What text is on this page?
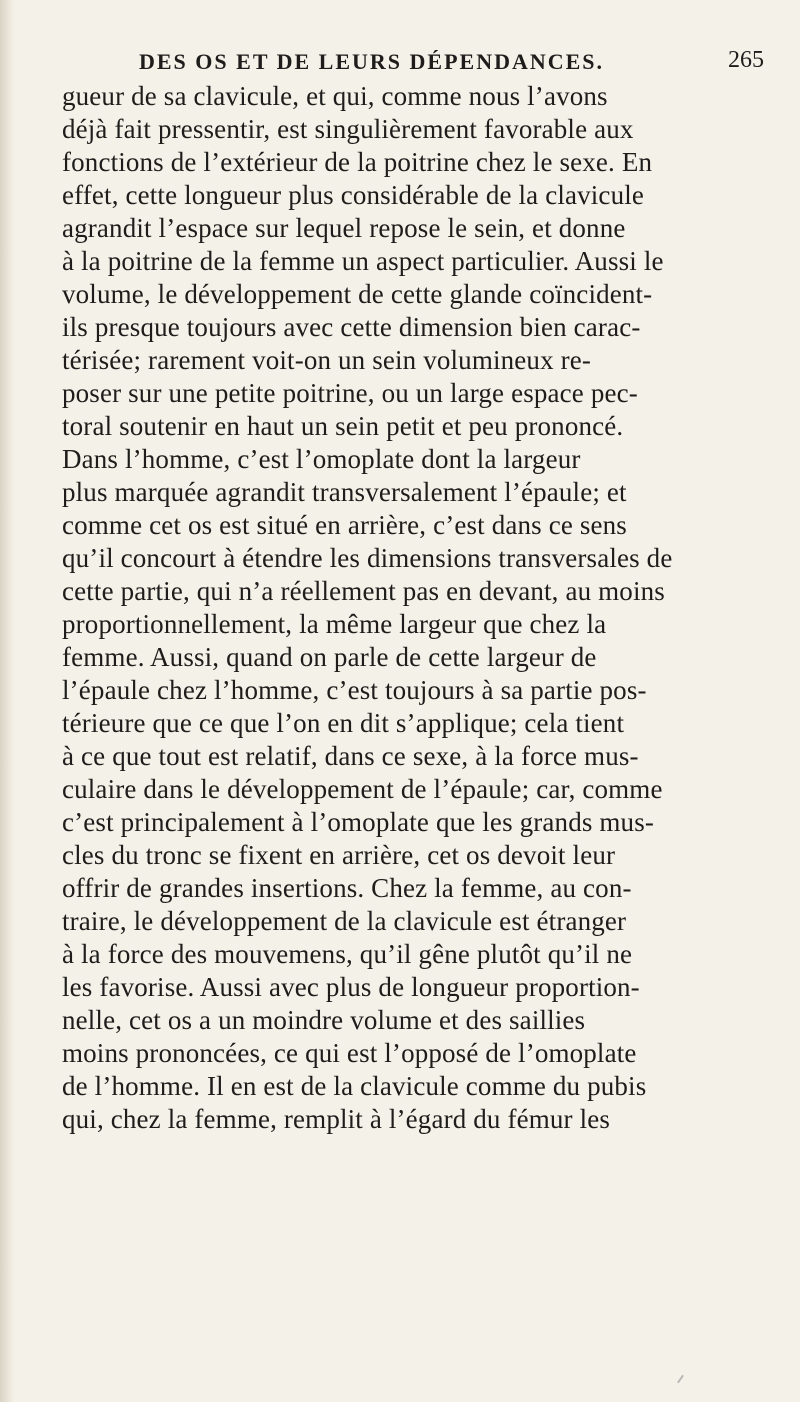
DES OS ET DE LEURS DÉPENDANCES.	265
gueur de sa clavicule, et qui, comme nous l’avons
déjà fait pressentir, est singulièrement favorable aux
fonctions de l’extérieur de la poitrine chez le sexe. En
effet, cette longueur plus considérable de la clavicule
agrandit l’espace sur lequel repose le sein, et donne
à la poitrine de la femme un aspect particulier. Aussi le
volume, le développement de cette glande coïncident-
ils presque toujours avec cette dimension bien carac-
térisée; rarement voit-on un sein volumineux re-
poser sur une petite poitrine, ou un large espace pec-
toral soutenir en haut un sein petit et peu prononcé.
Dans l’homme, c’est l’omoplate dont la largeur
plus marquée agrandit transversalement l’épaule; et
comme cet os est situé en arrière, c’est dans ce sens
qu’il concourt à étendre les dimensions transversales de
cette partie, qui n’a réellement pas en devant, au moins
proportionnellement, la même largeur que chez la
femme. Aussi, quand on parle de cette largeur de
l’épaule chez l’homme, c’est toujours à sa partie pos-
térieure que ce que l’on en dit s’applique; cela tient
à ce que tout est relatif, dans ce sexe, à la force mus-
culaire dans le développement de l’épaule; car, comme
c’est principalement à l’omoplate que les grands mus-
cles du tronc se fixent en arrière, cet os devoit leur
offrir de grandes insertions. Chez la femme, au con-
traire, le développement de la clavicule est étranger
à la force des mouvemens, qu’il gêne plutôt qu’il ne
les favorise. Aussi avec plus de longueur proportion-
nelle, cet os a un moindre volume et des saillies
moins prononcées, ce qui est l’opposé de l’omoplate
de l’homme. Il en est de la clavicule comme du pubis
qui, chez la femme, remplit à l’égard du fémur les
